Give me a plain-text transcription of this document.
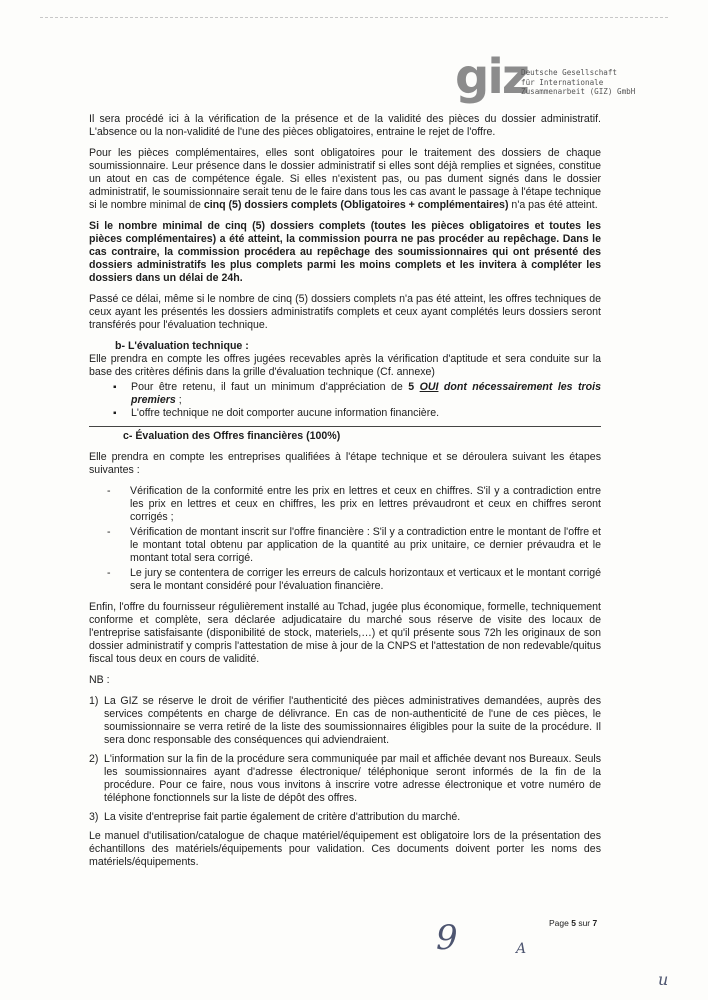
giz
Deutsche Gesellschaft
für Internationale
Zusammenarbeit (GIZ) GmbH

Il sera procédé ici à la vérification de la présence et de la validité des pièces du dossier administratif. L'absence ou la non-validité de l'une des pièces obligatoires, entraine le rejet de l'offre.

Pour les pièces complémentaires, elles sont obligatoires pour le traitement des dossiers de chaque soumissionnaire. Leur présence dans le dossier administratif si elles sont déjà remplies et signées, constitue un atout en cas de compétence égale. Si elles n'existent pas, ou pas dument signés dans le dossier administratif, le soumissionnaire serait tenu de le faire dans tous les cas avant le passage à l'étape technique si le nombre minimal de cinq (5) dossiers complets (Obligatoires + complémentaires) n'a pas été atteint.

Si le nombre minimal de cinq (5) dossiers complets (toutes les pièces obligatoires et toutes les pièces complémentaires) a été atteint, la commission pourra ne pas procéder au repêchage. Dans le cas contraire, la commission procédera au repêchage des soumissionnaires qui ont présenté des dossiers administratifs les plus complets parmi les moins complets et les invitera à compléter les dossiers dans un délai de 24h.

Passé ce délai, même si le nombre de cinq (5) dossiers complets n'a pas été atteint, les offres techniques de ceux ayant les présentés les dossiers administratifs complets et ceux ayant complétés leurs dossiers seront transférés pour l'évaluation technique.

b- L'évaluation technique :

Elle prendra en compte les offres jugées recevables après la vérification d'aptitude et sera conduite sur la base des critères définis dans la grille d'évaluation technique (Cf. annexe)

▪ Pour être retenu, il faut un minimum d'appréciation de 5 OUI dont nécessairement les trois premiers ;
▪ L'offre technique ne doit comporter aucune information financière.
c- Évaluation des Offres financières (100%)

Elle prendra en compte les entreprises qualifiées à l'étape technique et se déroulera suivant les étapes suivantes :

- Vérification de la conformité entre les prix en lettres et ceux en chiffres. S'il y a contradiction entre les prix en lettres et ceux en chiffres, les prix en lettres prévaudront et ceux en chiffres seront corrigés ;
- Vérification de montant inscrit sur l'offre financière : S'il y a contradiction entre le montant de l'offre et le montant total obtenu par application de la quantité au prix unitaire, ce dernier prévaudra et le montant total sera corrigé.
- Le jury se contentera de corriger les erreurs de calculs horizontaux et verticaux et le montant corrigé sera le montant considéré pour l'évaluation financière.

Enfin, l'offre du fournisseur régulièrement installé au Tchad, jugée plus économique, formelle, techniquement conforme et complète, sera déclarée adjudicataire du marché sous réserve de visite des locaux de l'entreprise satisfaisante (disponibilité de stock, materiels,…) et qu'il présente sous 72h les originaux de son dossier administratif y compris l'attestation de mise à jour de la CNPS et l'attestation de non redevable/quitus fiscal tous deux en cours de validité.

NB :

1) La GIZ se réserve le droit de vérifier l'authenticité des pièces administratives demandées, auprès des services compétents en charge de délivrance. En cas de non-authenticité de l'une de ces pièces, le soumissionnaire se verra retiré de la liste des soumissionnaires éligibles pour la suite de la procédure. Il sera donc responsable des conséquences qui adviendraient.
2) L'information sur la fin de la procédure sera communiquée par mail et affichée devant nos Bureaux. Seuls les soumissionnaires ayant d'adresse électronique/ téléphonique seront informés de la fin de la procédure. Pour ce faire, nous vous invitons à inscrire votre adresse électronique et votre numéro de téléphone fonctionnels sur la liste de dépôt des offres.
3) La visite d'entreprise fait partie également de critère d'attribution du marché.

Le manuel d'utilisation/catalogue de chaque matériel/équipement est obligatoire lors de la présentation des échantillons des matériels/équipements pour validation. Ces documents doivent porter les noms des matériels/équipements.

Page 5 sur 7
9	A
u
